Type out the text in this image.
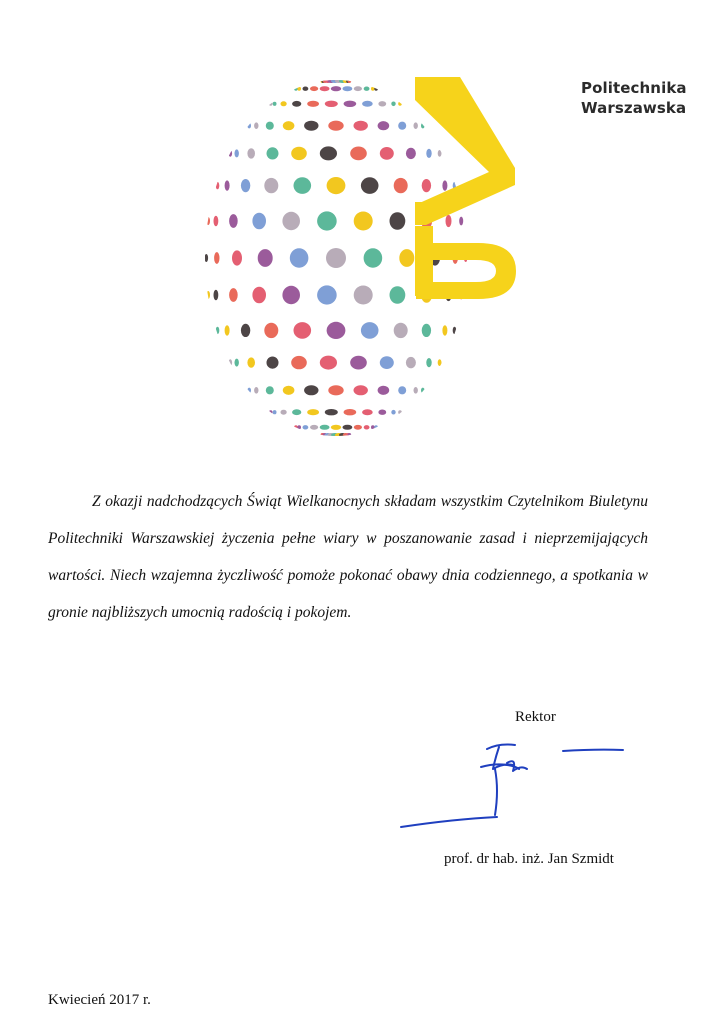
Politechnika
Warszawska

Z okazji nadchodzących Świąt Wielkanocnych składam wszystkim Czytelnikom Biuletynu Politechniki Warszawskiej życzenia pełne wiary w poszanowanie zasad i nieprzemijających wartości. Niech wzajemna życzliwość pomoże pokonać obawy dnia codziennego, a spotkania w gronie najbliższych umocnią radością i pokojem.

Rektor
prof. dr hab. inż. Jan Szmidt
Kwiecień 2017 r.
